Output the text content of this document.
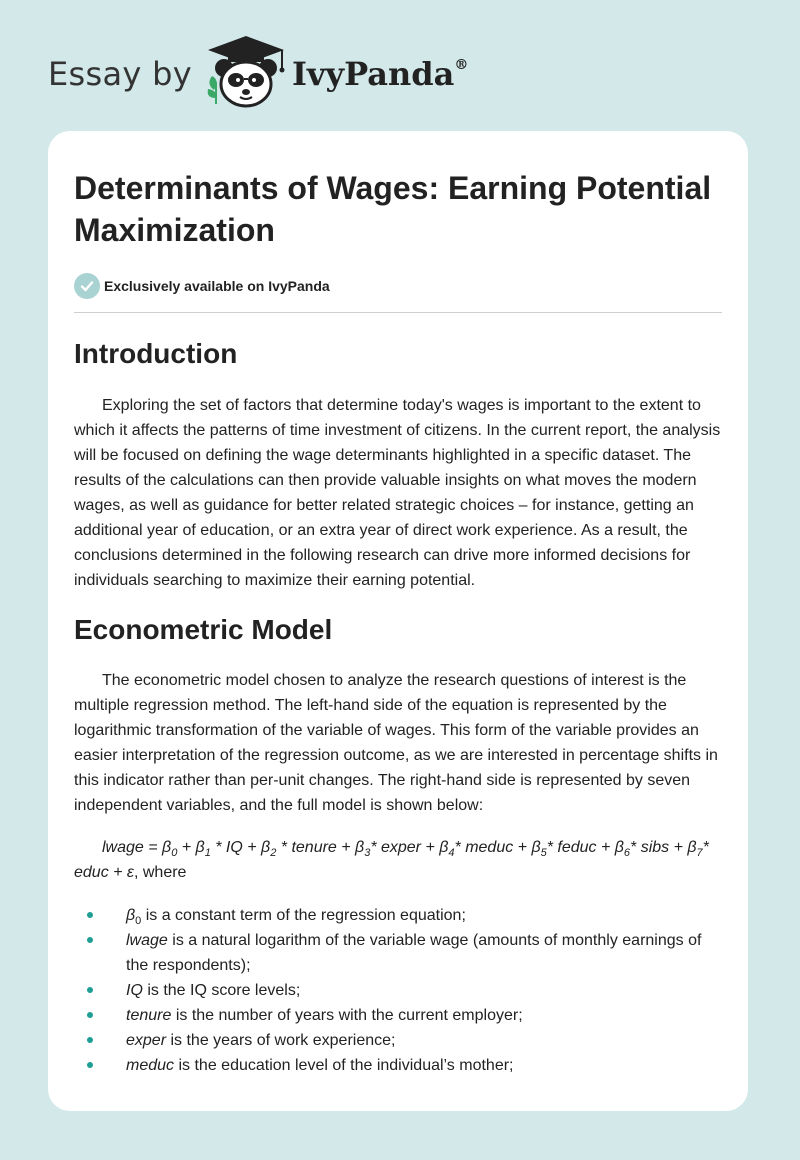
Essay by	IvyPanda®
Determinants of Wages: Earning Potential Maximization
Exclusively available on IvyPanda
Introduction

Exploring the set of factors that determine today's wages is important to the extent to which it affects the patterns of time investment of citizens. In the current report, the analysis will be focused on defining the wage determinants highlighted in a specific dataset. The results of the calculations can then provide valuable insights on what moves the modern wages, as well as guidance for better related strategic choices – for instance, getting an additional year of education, or an extra year of direct work experience. As a result, the conclusions determined in the following research can drive more informed decisions for individuals searching to maximize their earning potential.

Econometric Model

The econometric model chosen to analyze the research questions of interest is the multiple regression method. The left-hand side of the equation is represented by the logarithmic transformation of the variable of wages. This form of the variable provides an easier interpretation of the regression outcome, as we are interested in percentage shifts in this indicator rather than per-unit changes. The right-hand side is represented by seven independent variables, and the full model is shown below:

lwage = $\beta_0 + \beta_1$ * IQ + $\beta_2$ * tenure + $\beta_3*$ exper + $\beta_4*$ meduc + $\beta_5*$ feduc + $\beta_6*$ sibs + $\beta_7*$ educ + ε, where

$\beta_0$ is a constant term of the regression equation;
lwage is a natural logarithm of the variable wage (amounts of monthly earnings of the respondents);
IQ is the IQ score levels;
tenure is the number of years with the current employer;
exper is the years of work experience;
meduc is the education level of the individual’s mother;
